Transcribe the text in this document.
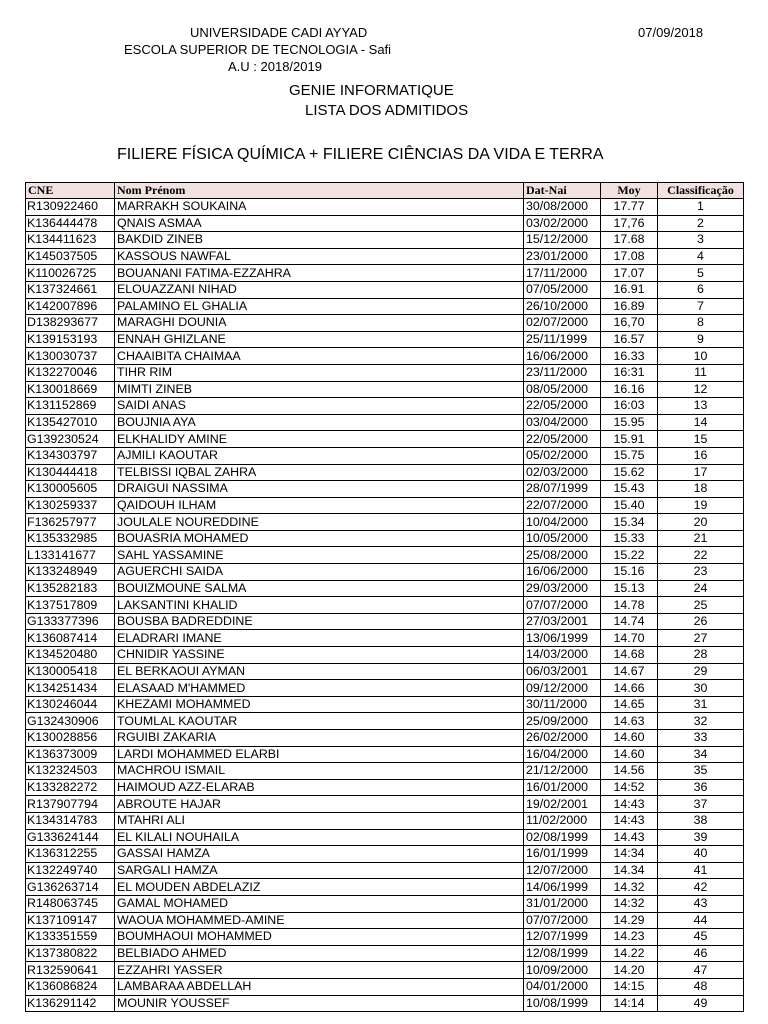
UNIVERSIDADE CADI AYYAD
ESCOLA SUPERIOR DE TECNOLOGIA - Safi
A.U : 2018/2019
07/09/2018
GENIE INFORMATIQUE
LISTA DOS ADMITIDOS
FILIERE FÍSICA QUÍMICA + FILIERE CIÊNCIAS DA VIDA E TERRA
CNE	Nom Prénom	Dat-Nai	Moy	Classificação
R130922460	MARRAKH SOUKAINA	30/08/2000	17.77	1
K136444478	QNAIS ASMAA	03/02/2000	17,76	2
K134411623	BAKDID ZINEB	15/12/2000	17.68	3
K145037505	KASSOUS NAWFAL	23/01/2000	17.08	4
K110026725	BOUANANI FATIMA-EZZAHRA	17/11/2000	17.07	5
K137324661	ELOUAZZANI NIHAD	07/05/2000	16.91	6
K142007896	PALAMINO EL GHALIA	26/10/2000	16.89	7
D138293677	MARAGHI DOUNIA	02/07/2000	16,70	8
K139153193	ENNAH GHIZLANE	25/11/1999	16.57	9
K130030737	CHAAIBITA CHAIMAA	16/06/2000	16.33	10
K132270046	TIHR RIM	23/11/2000	16:31	11
K130018669	MIMTI ZINEB	08/05/2000	16.16	12
K131152869	SAIDI ANAS	22/05/2000	16:03	13
K135427010	BOUJNIA AYA	03/04/2000	15.95	14
G139230524	ELKHALIDY AMINE	22/05/2000	15.91	15
K134303797	AJMILI KAOUTAR	05/02/2000	15.75	16
K130444418	TELBISSI IQBAL ZAHRA	02/03/2000	15.62	17
K130005605	DRAIGUI NASSIMA	28/07/1999	15.43	18
K130259337	QAIDOUH ILHAM	22/07/2000	15.40	19
F136257977	JOULALE NOUREDDINE	10/04/2000	15.34	20
K135332985	BOUASRIA MOHAMED	10/05/2000	15.33	21
L133141677	SAHL YASSAMINE	25/08/2000	15.22	22
K133248949	AGUERCHI SAIDA	16/06/2000	15.16	23
K135282183	BOUIZMOUNE SALMA	29/03/2000	15.13	24
K137517809	LAKSANTINI KHALID	07/07/2000	14.78	25
G133377396	BOUSBA BADREDDINE	27/03/2001	14.74	26
K136087414	ELADRARI IMANE	13/06/1999	14.70	27
K134520480	CHNIDIR YASSINE	14/03/2000	14.68	28
K130005418	EL BERKAOUI AYMAN	06/03/2001	14.67	29
K134251434	ELASAAD M'HAMMED	09/12/2000	14.66	30
K130246044	KHEZAMI MOHAMMED	30/11/2000	14.65	31
G132430906	TOUMLAL KAOUTAR	25/09/2000	14.63	32
K130028856	RGUIBI ZAKARIA	26/02/2000	14.60	33
K136373009	LARDI MOHAMMED ELARBI	16/04/2000	14.60	34
K132324503	MACHROU ISMAIL	21/12/2000	14.56	35
K133282272	HAIMOUD AZZ-ELARAB	16/01/2000	14:52	36
R137907794	ABROUTE HAJAR	19/02/2001	14:43	37
K134314783	MTAHRI ALI	11/02/2000	14:43	38
G133624144	EL KILALI NOUHAILA	02/08/1999	14.43	39
K136312255	GASSAI HAMZA	16/01/1999	14:34	40
K132249740	SARGALI HAMZA	12/07/2000	14.34	41
G136263714	EL MOUDEN ABDELAZIZ	14/06/1999	14.32	42
R148063745	GAMAL MOHAMED	31/01/2000	14:32	43
K137109147	WAOUA MOHAMMED-AMINE	07/07/2000	14.29	44
K133351559	BOUMHAOUI MOHAMMED	12/07/1999	14.23	45
K137380822	BELBIADO AHMED	12/08/1999	14.22	46
R132590641	EZZAHRI YASSER	10/09/2000	14.20	47
K136086824	LAMBARAA ABDELLAH	04/01/2000	14:15	48
K136291142	MOUNIR YOUSSEF	10/08/1999	14:14	49
